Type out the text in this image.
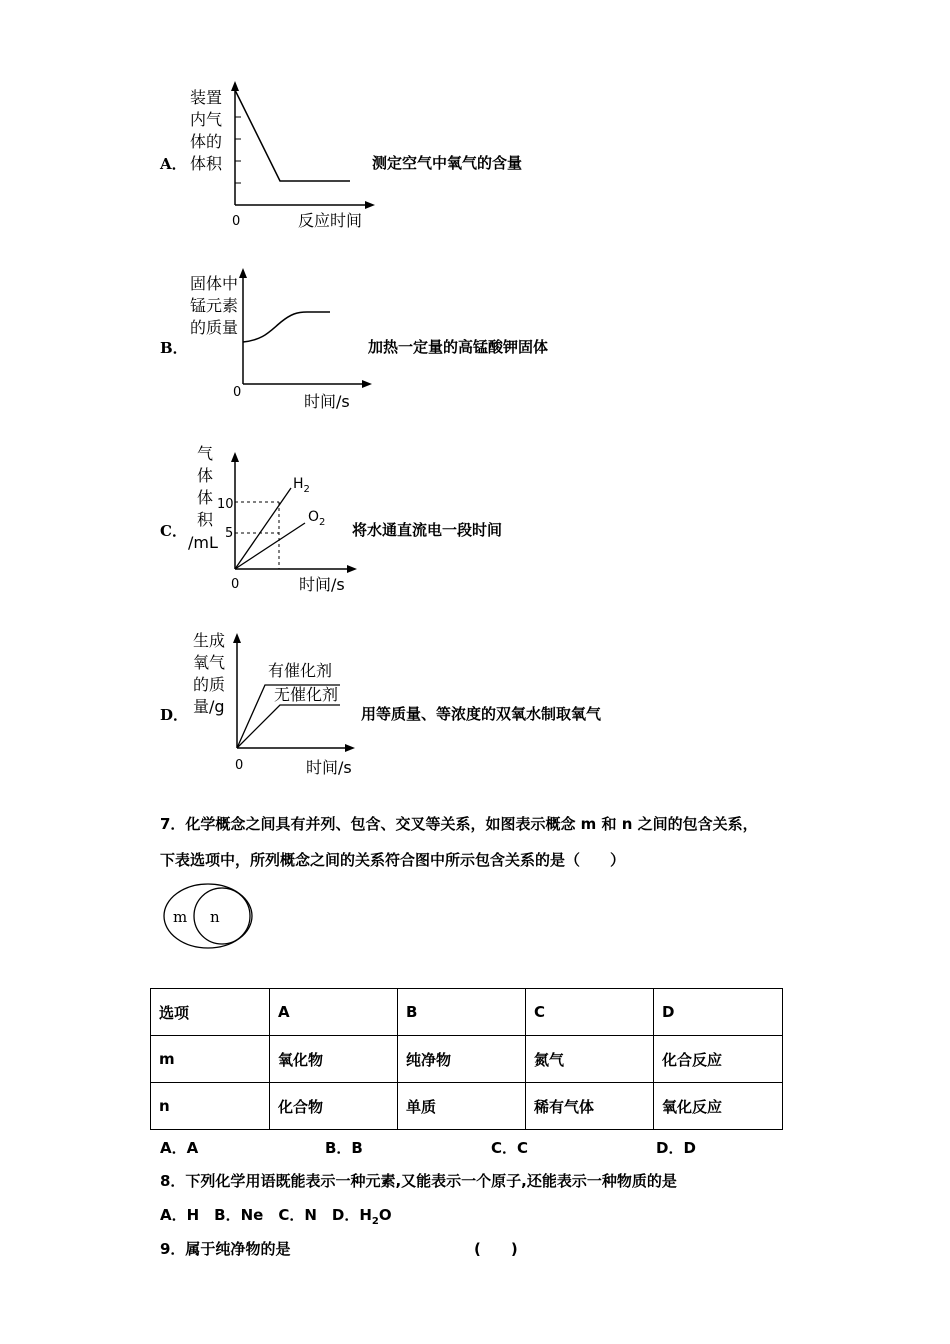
A．
装置
内气
体的
体积
0	反应时间
测定空气中氧气的含量
B．
固体中
锰元素
的质量
0	时间/s
加热一定量的高锰酸钾固体
C．
气
体
体
积
/mL
10
5
$H_2$
$O_2$
0	时间/s
将水通直流电一段时间
D．
生成
氧气
的质
量/g
有催化剂
无催化剂
0	时间/s
用等质量、等浓度的双氧水制取氧气
7．化学概念之间具有并列、包含、交叉等关系，如图表示概念 m 和 n 之间的包含关系，
下表选项中，所列概念之间的关系符合图中所示包含关系的是（　　）
m n
选项	A	B	C	D
m	氧化物	纯净物	氮气	化合反应
n	化合物	单质	稀有气体	氧化反应
A．A	B．B	C．C	D．D
8．下列化学用语既能表示一种元素,又能表示一个原子,还能表示一种物质的是
A．H　B．Ne　C．N　D．$H_2O$
9．属于纯净物的是	(　　)
